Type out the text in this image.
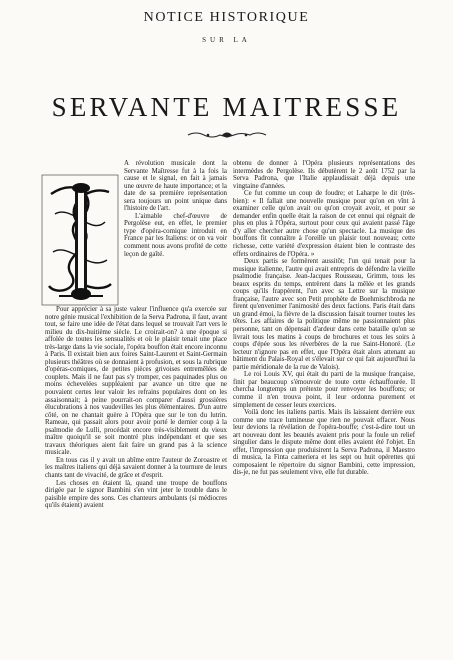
NOTICE HISTORIQUE
SUR LA
SERVANTE MAITRESSE

A révolution musicale dont la Servante Maîtresse fut à la fois la cause et le signal, en fait à jamais une œuvre de haute importance; et la date de sa première représentation sera toujours un point unique dans l'histoire de l'art.

L'aimable chef-d'œuvre de Pergolèse eut, en effet, le premier type d'opéra-comique introduit en France par les Italiens: or on va voir comment nous avons profité de cette leçon de gaîté.

Pour apprécier à sa juste valeur l'influence qu'a exercée sur notre génie musical l'exhibition de la Serva Padrona, il faut, avant tout, se faire une idée de l'état dans lequel se trouvait l'art vers le milieu du dix-huitième siècle. Le croirait-on? à une époque si affolée de toutes les sensualités et où le plaisir tenait une place très-large dans la vie sociale, l'opéra bouffon était encore inconnu à Paris. Il existait bien aux foires Saint-Laurent et Saint-Germain plusieurs théâtres où se donnaient à profusion, et sous la rubrique d'opéras-comiques, de petites pièces grivoises entremêlées de couplets. Mais il ne faut pas s'y tromper, ces paquinades plus ou moins échevelées suppléaient par avance un titre que ne pouvaient certes leur valoir les refrains populaires dont on les assaisonnait; à peine pourrait-on comparer d'aussi grossières élucubrations à nos vaudevilles les plus élémentaires. D'un autre côté, on ne chantait guère à l'Opéra que sur le ton du lutrin. Rameau, qui passait alors pour avoir porté le dernier coup à la psalmodie de Lulli, procédait encore très-visiblement du vieux maître quoiqu'il se soit montré plus indépendant et que ses travaux théoriques aient fait faire un grand pas à la science musicale.

En tous cas il y avait un abîme entre l'auteur de Zoroastre et les maîtres italiens qui déjà savaient donner à la tournure de leurs chants tant de vivacité, de grâce et d'esprit.

Les choses en étaient là, quand une troupe de bouffons dirigée par le signor Bambini s'en vint jeter le trouble dans le paisible empire des sons. Ces chanteurs ambulants (si médiocres qu'ils étaient) avaient

obtenu de donner à l'Opéra plusieurs représentations des intermèdes de Pergolèse. Ils débutèrent le 2 août 1752 par la Serva Padrona, que l'Italie applaudissait déjà depuis une vingtaine d'années.

Ce fut comme un coup de foudre; et Laharpe le dit (très-bien): « Il fallait une nouvelle musique pour qu'on en vînt à examiner celle qu'on avait ou qu'on croyait avoir, et pour se demander enfin quelle était la raison de cet ennui qui régnait de plus en plus à l'Opéra, surtout pour ceux qui avaient passé l'âge d'y aller chercher autre chose qu'un spectacle. La musique des bouffons fit connaître à l'oreille un plaisir tout nouveau; cette richesse, cette variété d'expression étaient bien le contraste des effets ordinaires de l'Opéra. »

Deux partis se formèrent aussitôt; l'un qui tenait pour la musique italienne, l'autre qui avait entrepris de défendre la vieille psalmodie française. Jean-Jacques Rousseau, Grimm, tous les beaux esprits du temps, entrèrent dans la mêlée et les grands coups qu'ils frappèrent, l'un avec sa Lettre sur la musique française, l'autre avec son Petit prophète de Boehmischbroda ne firent qu'envenimer l'animosité des deux factions. Paris était dans un grand émoi, la fièvre de la discussion faisait tourner toutes les têtes. Les affaires de la politique même ne passionnaient plus personne, tant on dépensait d'ardeur dans cette bataille qu'on se livrait tous les matins à coups de brochures et tous les soirs à coups d'épée sous les réverbères de la rue Saint-Honoré. (Le lecteur n'ignore pas en effet, que l'Opéra était alors attenant au bâtiment du Palais-Royal et s'élevait sur ce qui fait aujourd'hui la partie méridionale de la rue de Valois).

Le roi Louis XV, qui était du parti de la musique française, finit par beaucoup s'émouvoir de toute cette échauffourée. Il chercha longtemps un prétexte pour renvoyer les bouffons; or comme il n'en trouva point, il leur ordonna purement et simplement de cesser leurs exercices.

Voilà donc les italiens partis. Mais ils laissaient derrière eux comme une trace lumineuse que rien ne pouvait effacer. Nous leur devions la révélation de l'opéra-bouffe; c'est-à-dire tout un art nouveau dont les beautés avaient pris pour la foule un relief singulier dans le dispute même dont elles avaient été l'objet. En effet, l'impression que produisirent la Serva Padrona, il Maestro di musica, la Finta cameriera et les sept ou huit opérettes qui composaient le répertoire du signor Bambini, cette impression, dis-je, ne fut pas seulement vive, elle fut durable.
